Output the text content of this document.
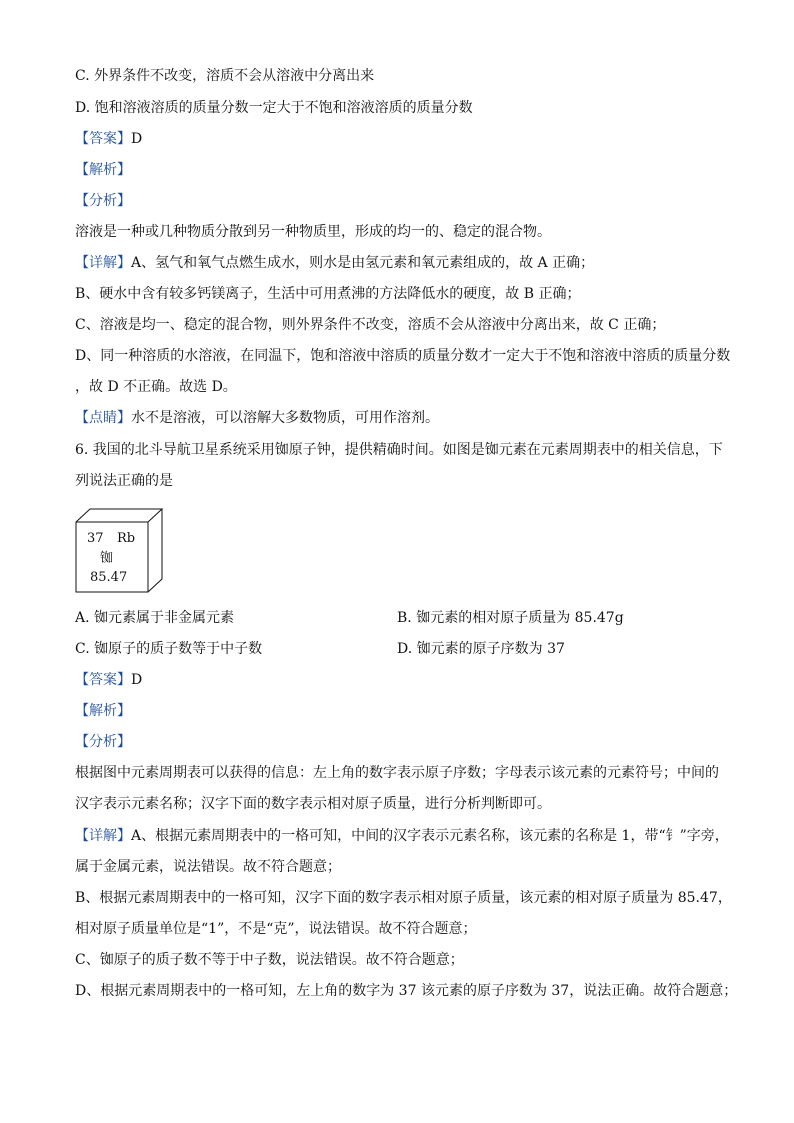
C. 外界条件不改变，溶质不会从溶液中分离出来
D. 饱和溶液溶质的质量分数一定大于不饱和溶液溶质的质量分数
【答案】D
【解析】
【分析】
溶液是一种或几种物质分散到另一种物质里，形成的均一的、稳定的混合物。
【详解】A、氢气和氧气点燃生成水，则水是由氢元素和氧元素组成的，故 A 正确；
B、硬水中含有较多钙镁离子，生活中可用煮沸的方法降低水的硬度，故 B 正确；
C、溶液是均一、稳定的混合物，则外界条件不改变，溶质不会从溶液中分离出来，故 C 正确；
D、同一种溶质的水溶液，在同温下，饱和溶液中溶质的质量分数才一定大于不饱和溶液中溶质的质量分数
，故 D 不正确。故选 D。
【点睛】水不是溶液，可以溶解大多数物质，可用作溶剂。
6. 我国的北斗导航卫星系统采用铷原子钟，提供精确时间。如图是铷元素在元素周期表中的相关信息，下
列说法正确的是
37 Rb
铷
85.47
A. 铷元素属于非金属元素	B. 铷元素的相对原子质量为 85.47g
C. 铷原子的质子数等于中子数	D. 铷元素的原子序数为 37
【答案】D
【解析】
【分析】
根据图中元素周期表可以获得的信息：左上角的数字表示原子序数；字母表示该元素的元素符号；中间的
汉字表示元素名称；汉字下面的数字表示相对原子质量，进行分析判断即可。
【详解】A、根据元素周期表中的一格可知，中间的汉字表示元素名称，该元素的名称是 1，带“钅”字旁，
属于金属元素，说法错误。故不符合题意；
B、根据元素周期表中的一格可知，汉字下面的数字表示相对原子质量，该元素的相对原子质量为 85.47，
相对原子质量单位是“1”，不是“克”，说法错误。故不符合题意；
C、铷原子的质子数不等于中子数，说法错误。故不符合题意；
D、根据元素周期表中的一格可知，左上角的数字为 37 该元素的原子序数为 37，说法正确。故符合题意；
